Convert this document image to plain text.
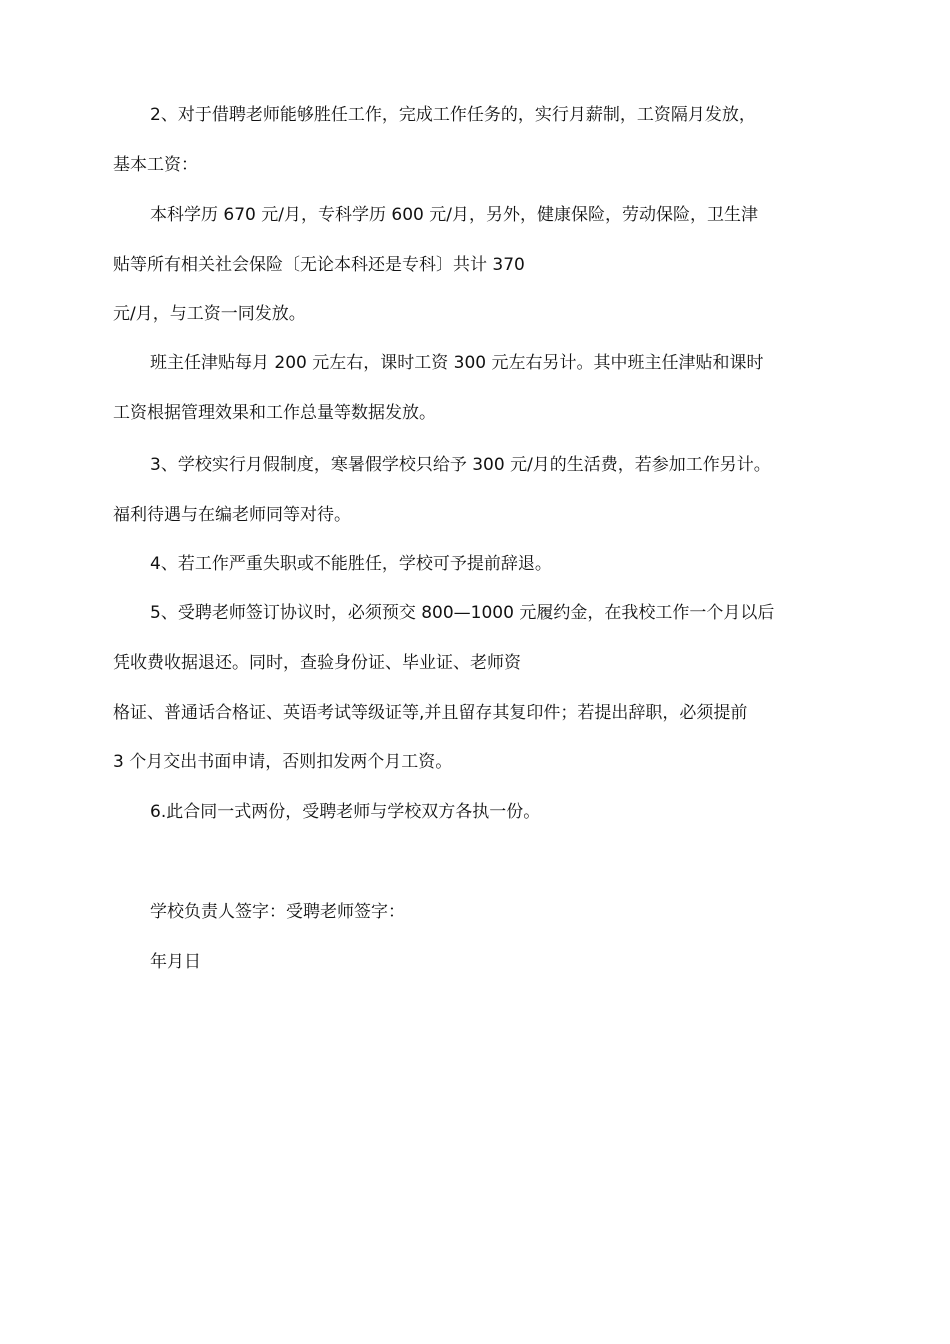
2、对于借聘老师能够胜任工作，完成工作任务的，实行月薪制，工资隔月发放，
基本工资：
本科学历 670 元/月，专科学历 600 元/月，另外，健康保险，劳动保险，卫生津
贴等所有相关社会保险〔无论本科还是专科〕共计 370
元/月，与工资一同发放。
班主任津贴每月 200 元左右，课时工资 300 元左右另计。其中班主任津贴和课时
工资根据管理效果和工作总量等数据发放。
3、学校实行月假制度，寒暑假学校只给予 300 元/月的生活费，若参加工作另计。
福利待遇与在编老师同等对待。
4、若工作严重失职或不能胜任，学校可予提前辞退。
5、受聘老师签订协议时，必须预交 800—1000 元履约金，在我校工作一个月以后
凭收费收据退还。同时，查验身份证、毕业证、老师资
格证、普通话合格证、英语考试等级证等,并且留存其复印件；若提出辞职，必须提前
3 个月交出书面申请，否则扣发两个月工资。
6.此合同一式两份，受聘老师与学校双方各执一份。
学校负责人签字：受聘老师签字：
年月日
